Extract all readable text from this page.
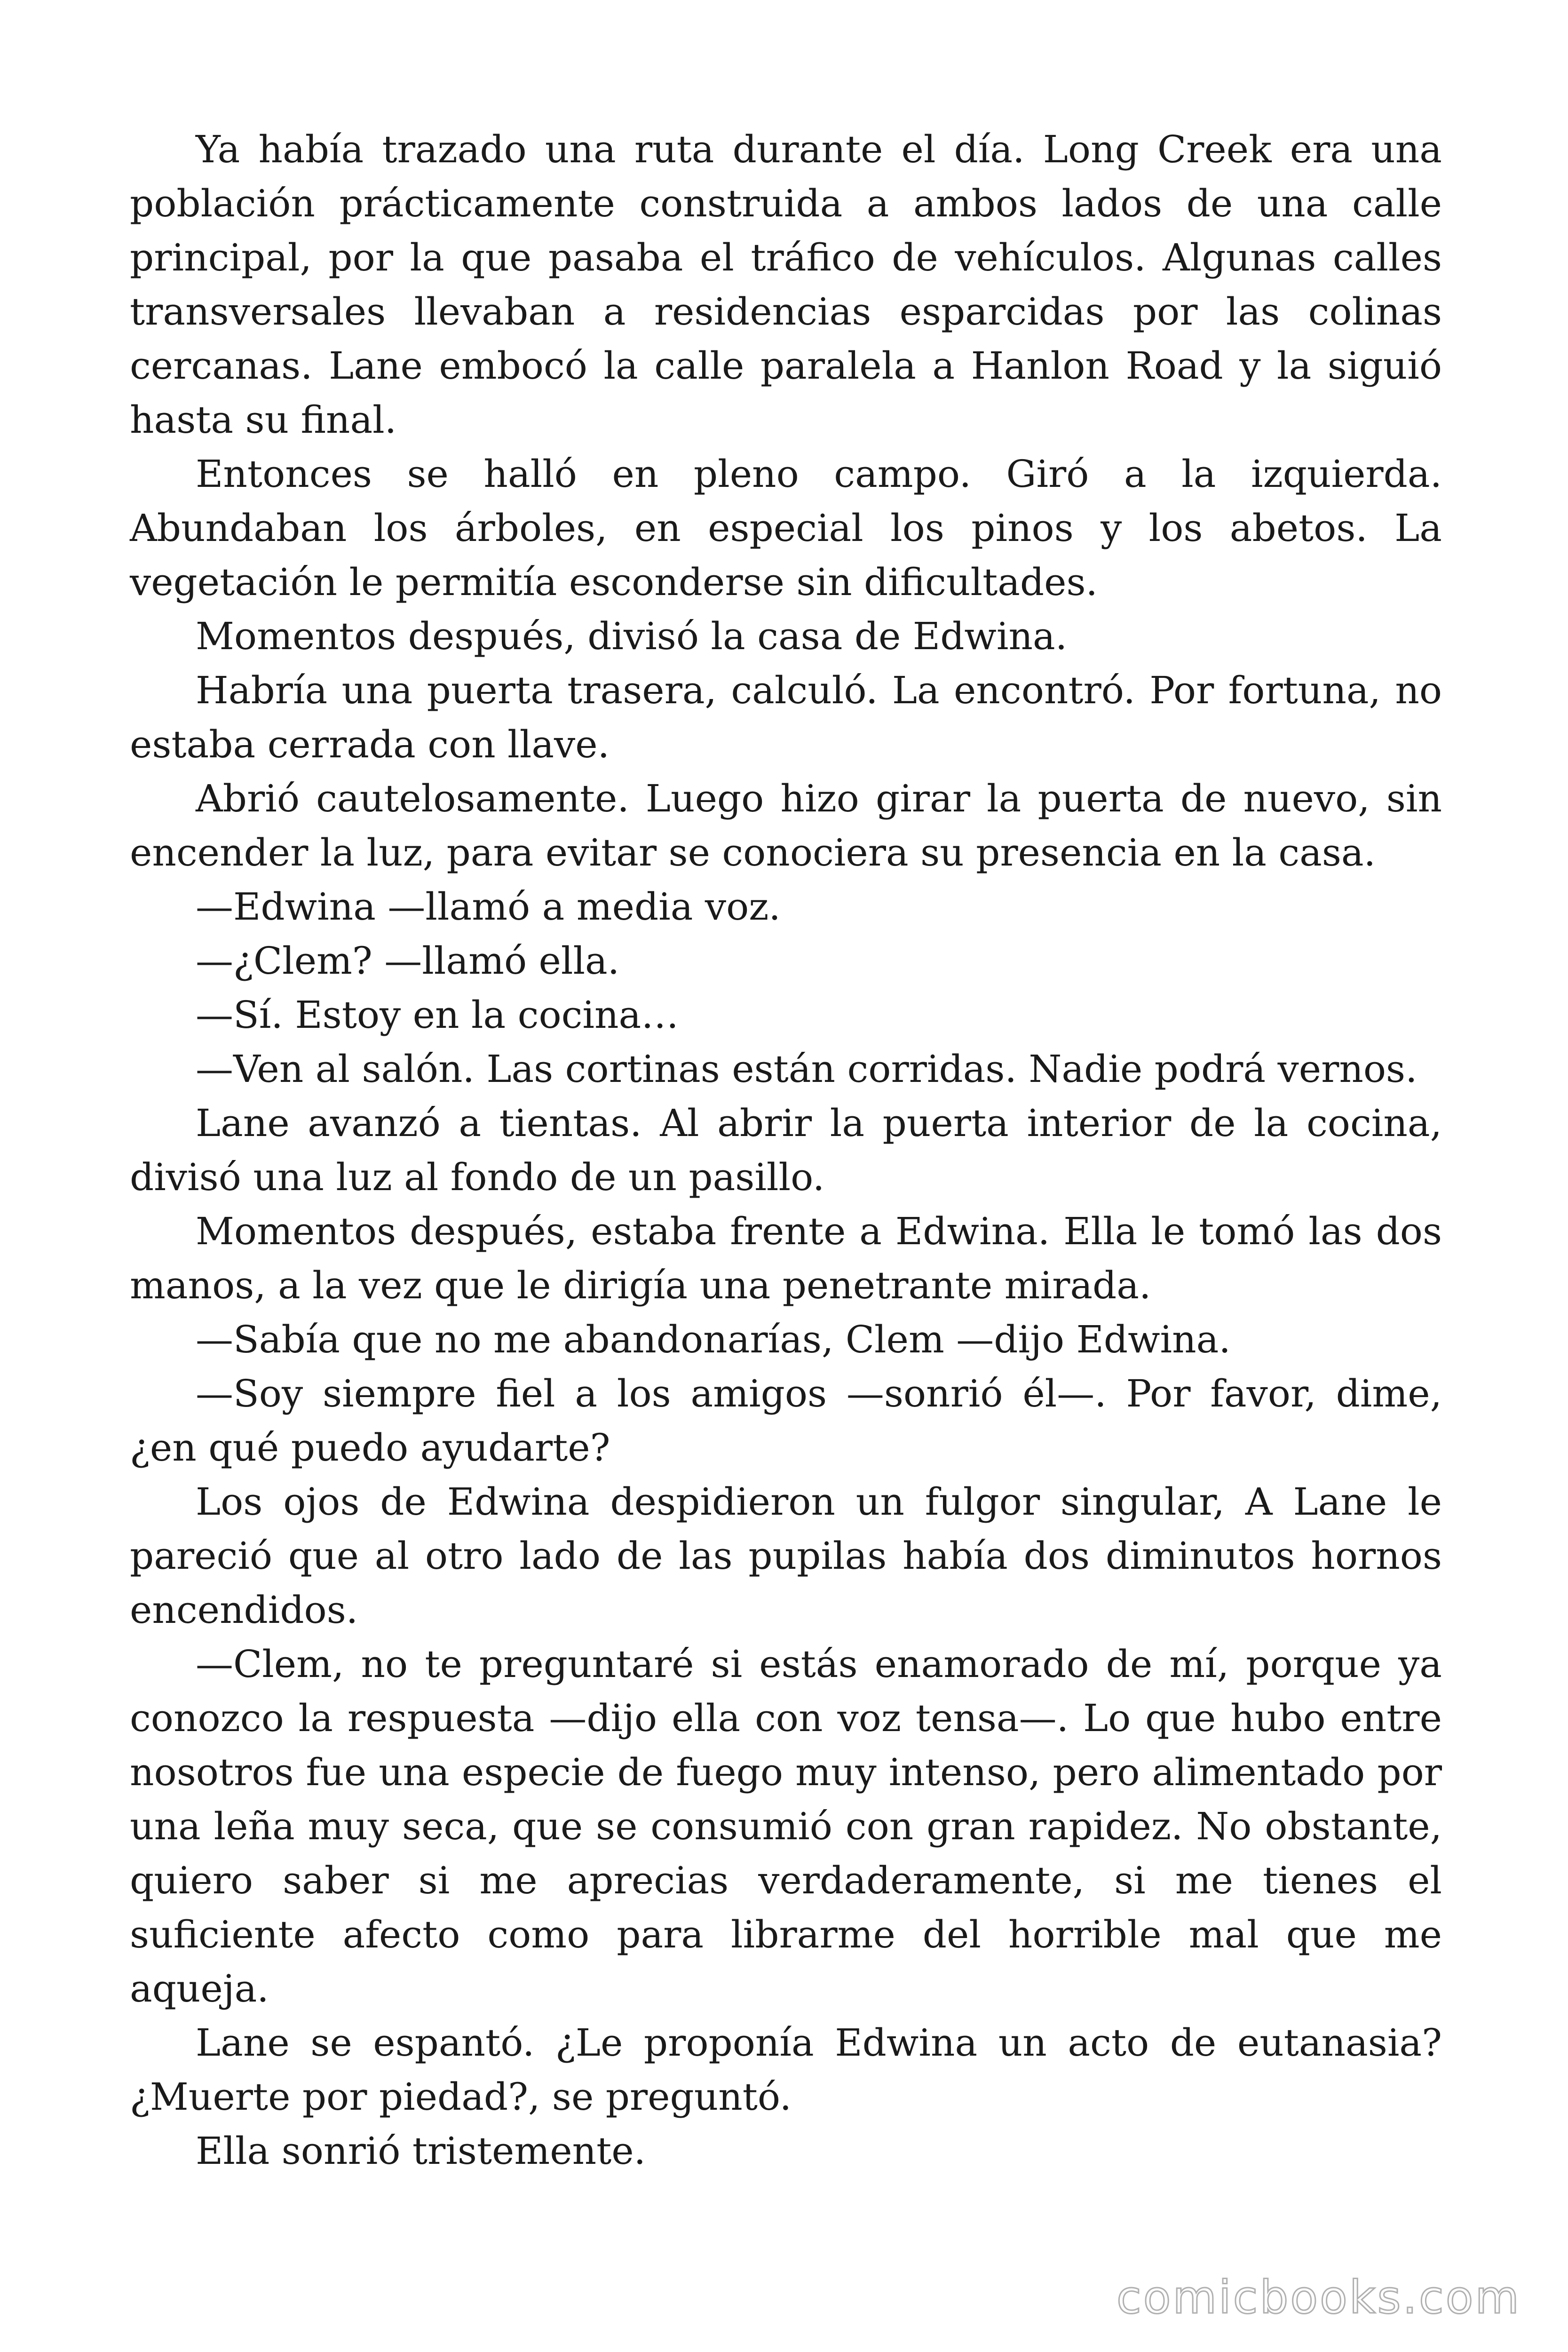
Ya había trazado una ruta durante el día. Long Creek era una población prácticamente construida a ambos lados de una calle principal, por la que pasaba el tráfico de vehículos. Algunas calles transversales llevaban a residencias esparcidas por las colinas cercanas. Lane embocó la calle paralela a Hanlon Road y la siguió hasta su final.

Entonces se halló en pleno campo. Giró a la izquierda. Abundaban los árboles, en especial los pinos y los abetos. La vegetación le permitía esconderse sin dificultades.

Momentos después, divisó la casa de Edwina.

Habría una puerta trasera, calculó. La encontró. Por fortuna, no estaba cerrada con llave.

Abrió cautelosamente. Luego hizo girar la puerta de nuevo, sin encender la luz, para evitar se conociera su presencia en la casa.

—Edwina —llamó a media voz.

—¿Clem? —llamó ella.

—Sí. Estoy en la cocina…

—Ven al salón. Las cortinas están corridas. Nadie podrá vernos.

Lane avanzó a tientas. Al abrir la puerta interior de la cocina, divisó una luz al fondo de un pasillo.

Momentos después, estaba frente a Edwina. Ella le tomó las dos manos, a la vez que le dirigía una penetrante mirada.

—Sabía que no me abandonarías, Clem —dijo Edwina.

—Soy siempre fiel a los amigos —sonrió él—. Por favor, dime, ¿en qué puedo ayudarte?

Los ojos de Edwina despidieron un fulgor singular, A Lane le pareció que al otro lado de las pupilas había dos diminutos hornos encendidos.

—Clem, no te preguntaré si estás enamorado de mí, porque ya conozco la respuesta —dijo ella con voz tensa—. Lo que hubo entre nosotros fue una especie de fuego muy intenso, pero alimentado por una leña muy seca, que se consumió con gran rapidez. No obstante, quiero saber si me aprecias verdaderamente, si me tienes el suficiente afecto como para librarme del horrible mal que me aqueja.

Lane se espantó. ¿Le proponía Edwina un acto de eutanasia? ¿Muerte por piedad?, se preguntó.

Ella sonrió tristemente.

comicbooks.com
